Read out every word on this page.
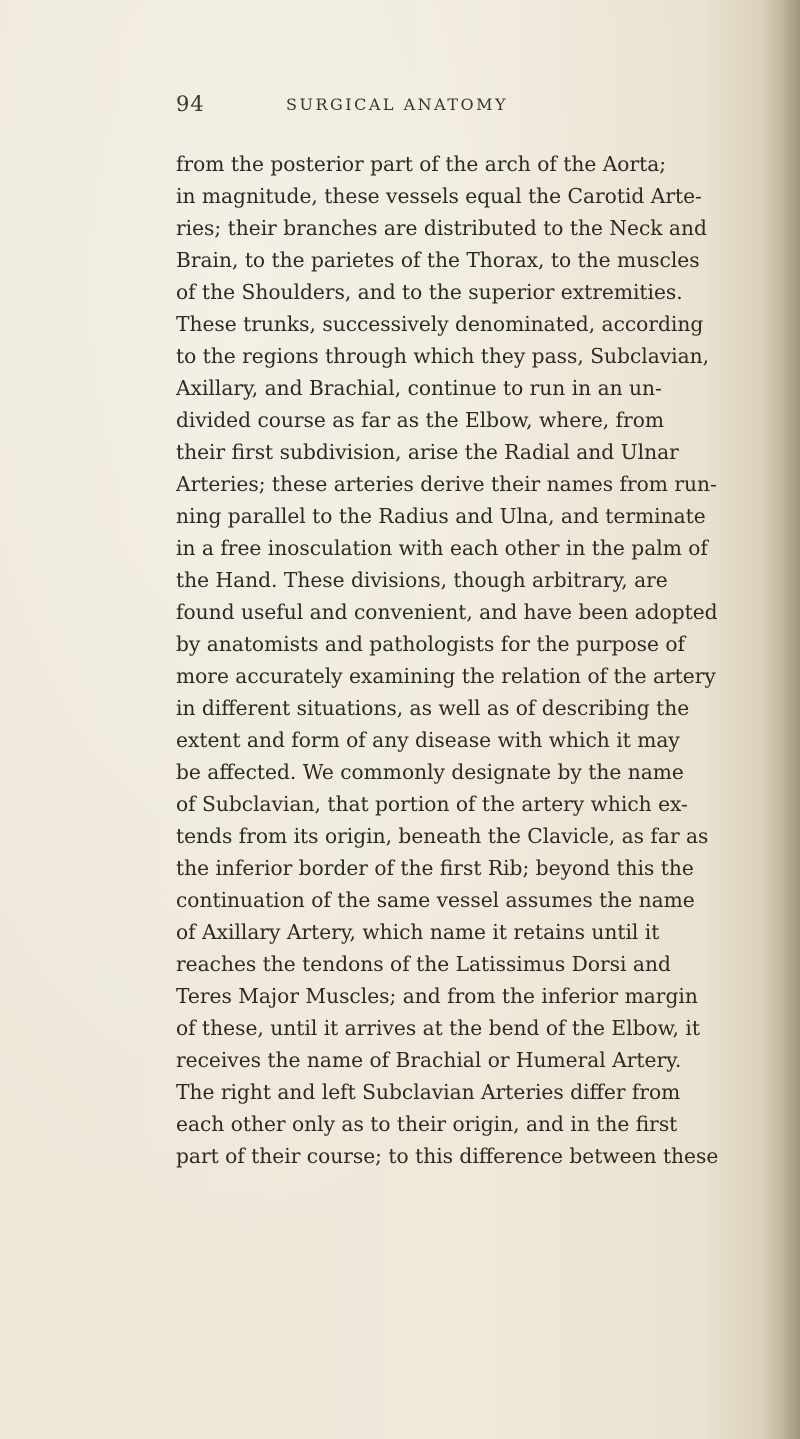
94	SURGICAL ANATOMY
from the posterior part of the arch of the Aorta;
in magnitude, these vessels equal the Carotid Arte-
ries; their branches are distributed to the Neck and
Brain, to the parietes of the Thorax, to the muscles
of the Shoulders, and to the superior extremities.
These trunks, successively denominated, according
to the regions through which they pass, Subclavian,
Axillary, and Brachial, continue to run in an un-
divided course as far as the Elbow, where, from
their first subdivision, arise the Radial and Ulnar
Arteries; these arteries derive their names from run-
ning parallel to the Radius and Ulna, and terminate
in a free inosculation with each other in the palm of
the Hand. These divisions, though arbitrary, are
found useful and convenient, and have been adopted
by anatomists and pathologists for the purpose of
more accurately examining the relation of the artery
in different situations, as well as of describing the
extent and form of any disease with which it may
be affected. We commonly designate by the name
of Subclavian, that portion of the artery which ex-
tends from its origin, beneath the Clavicle, as far as
the inferior border of the first Rib; beyond this the
continuation of the same vessel assumes the name
of Axillary Artery, which name it retains until it
reaches the tendons of the Latissimus Dorsi and
Teres Major Muscles; and from the inferior margin
of these, until it arrives at the bend of the Elbow, it
receives the name of Brachial or Humeral Artery.
The right and left Subclavian Arteries differ from
each other only as to their origin, and in the first
part of their course; to this difference between these
